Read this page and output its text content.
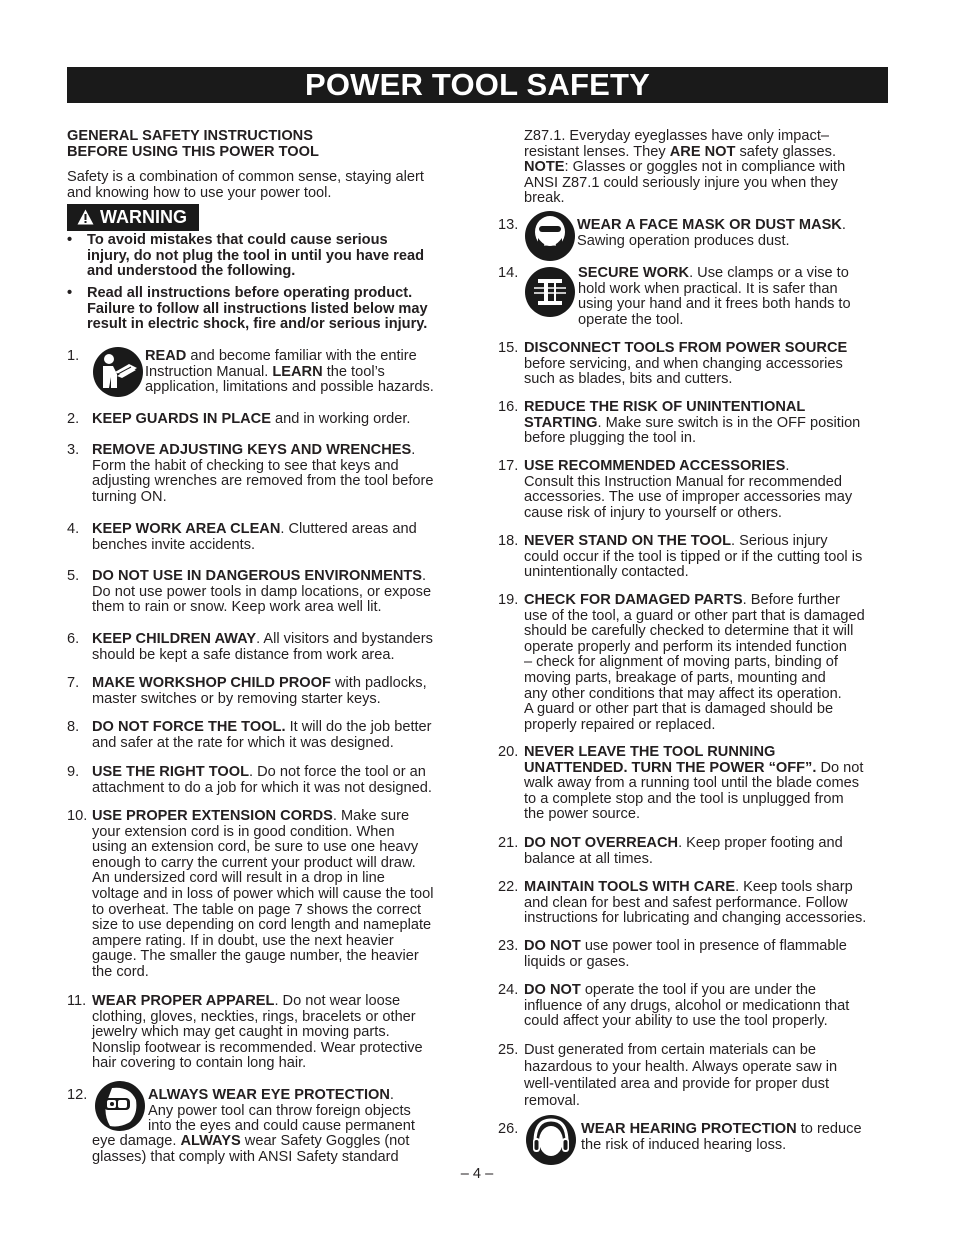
POWER TOOL SAFETY
GENERAL SAFETY INSTRUCTIONS
BEFORE USING THIS POWER TOOL
Safety is a combination of common sense, staying alert
and knowing how to use your power tool.
WARNING
• To avoid mistakes that could cause serious
injury, do not plug the tool in until you have read
and understood the following.
• Read all instructions before operating product.
Failure to follow all instructions listed below may
result in electric shock, fire and/or serious injury.
1.	READ and become familiar with the entire
Instruction Manual. LEARN the tool’s
application, limitations and possible hazards.
2. KEEP GUARDS IN PLACE and in working order.
3. REMOVE ADJUSTING KEYS AND WRENCHES.
Form the habit of checking to see that keys and
adjusting wrenches are removed from the tool before
turning ON.
4. KEEP WORK AREA CLEAN. Cluttered areas and
benches invite accidents.
5. DO NOT USE IN DANGEROUS ENVIRONMENTS.
Do not use power tools in damp locations, or expose
them to rain or snow. Keep work area well lit.
6. KEEP CHILDREN AWAY. All visitors and bystanders
should be kept a safe distance from work area.
7. MAKE WORKSHOP CHILD PROOF with padlocks,
master switches or by removing starter keys.
8. DO NOT FORCE THE TOOL. It will do the job better
and safer at the rate for which it was designed.
9. USE THE RIGHT TOOL. Do not force the tool or an
attachment to do a job for which it was not designed.
10. USE PROPER EXTENSION CORDS. Make sure
your extension cord is in good condition. When
using an extension cord, be sure to use one heavy
enough to carry the current your product will draw.
An undersized cord will result in a drop in line
voltage and in loss of power which will cause the tool
to overheat. The table on page 7 shows the correct
size to use depending on cord length and nameplate
ampere rating. If in doubt, use the next heavier
gauge. The smaller the gauge number, the heavier
the cord.
11. WEAR PROPER APPAREL. Do not wear loose
clothing, gloves, neckties, rings, bracelets or other
jewelry which may get caught in moving parts.
Nonslip footwear is recommended. Wear protective
hair covering to contain long hair.
12.	ALWAYS WEAR EYE PROTECTION.
Any power tool can throw foreign objects
into the eyes and could cause permanent
eye damage. ALWAYS wear Safety Goggles (not
glasses) that comply with ANSI Safety standard
Z87.1. Everyday eyeglasses have only impact–
resistant lenses. They ARE NOT safety glasses.
NOTE: Glasses or goggles not in compliance with
ANSI Z87.1 could seriously injure you when they
break.
13.	WEAR A FACE MASK OR DUST MASK.
Sawing operation produces dust.
14.	SECURE WORK. Use clamps or a vise to
hold work when practical. It is safer than
using your hand and it frees both hands to
operate the tool.
15. DISCONNECT TOOLS FROM POWER SOURCE
before servicing, and when changing accessories
such as blades, bits and cutters.
16. REDUCE THE RISK OF UNINTENTIONAL
STARTING. Make sure switch is in the OFF position
before plugging the tool in.
17. USE RECOMMENDED ACCESSORIES.
Consult this Instruction Manual for recommended
accessories. The use of improper accessories may
cause risk of injury to yourself or others.
18. NEVER STAND ON THE TOOL. Serious injury
could occur if the tool is tipped or if the cutting tool is
unintentionally contacted.
19. CHECK FOR DAMAGED PARTS. Before further
use of the tool, a guard or other part that is damaged
should be carefully checked to determine that it will
operate properly and perform its intended function
– check for alignment of moving parts, binding of
moving parts, breakage of parts, mounting and
any other conditions that may affect its operation.
A guard or other part that is damaged should be
properly repaired or replaced.
20. NEVER LEAVE THE TOOL RUNNING
UNATTENDED. TURN THE POWER “OFF”. Do not
walk away from a running tool until the blade comes
to a complete stop and the tool is unplugged from
the power source.
21. DO NOT OVERREACH. Keep proper footing and
balance at all times.
22. MAINTAIN TOOLS WITH CARE. Keep tools sharp
and clean for best and safest performance. Follow
instructions for lubricating and changing accessories.
23. DO NOT use power tool in presence of flammable
liquids or gases.
24. DO NOT operate the tool if you are under the
influence of any drugs, alcohol or medicationn that
could affect your ability to use the tool properly.
25. Dust generated from certain materials can be
hazardous to your health. Always operate saw in
well-ventilated area and provide for proper dust
removal.
26.	WEAR HEARING PROTECTION to reduce
the risk of induced hearing loss.
– 4 –
